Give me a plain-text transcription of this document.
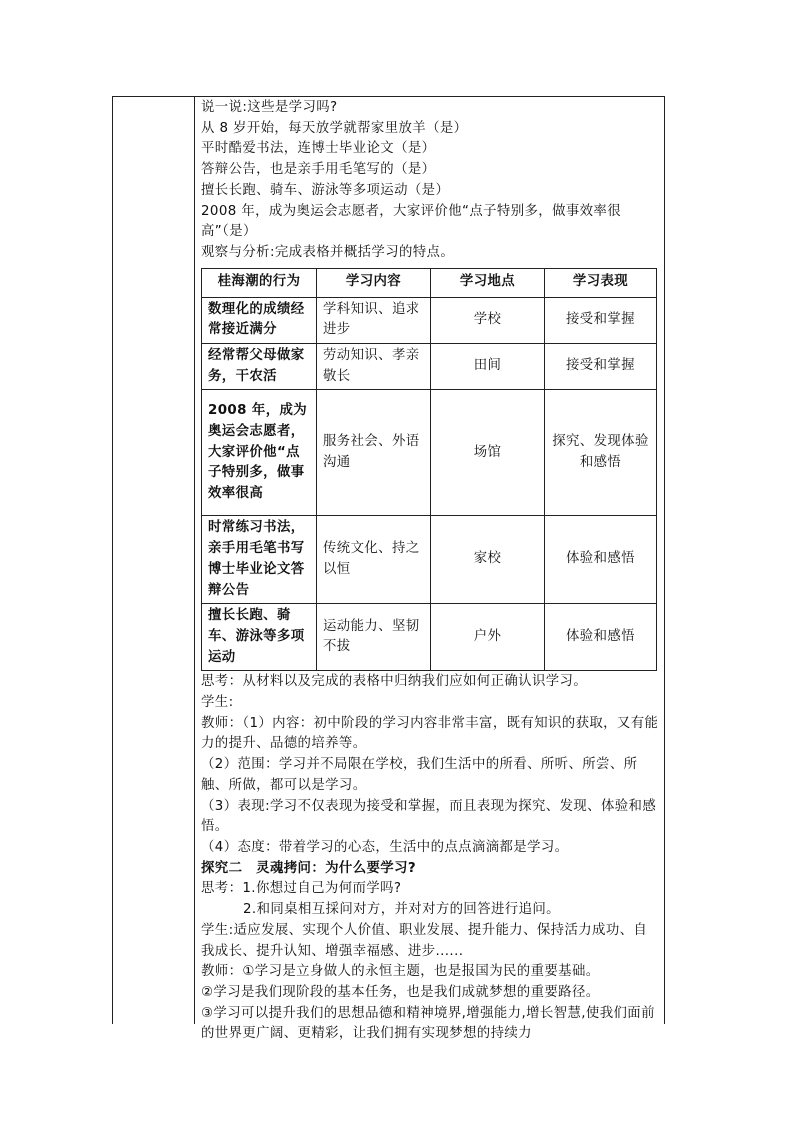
说一说:这些是学习吗?
从 8 岁开始，每天放学就帮家里放羊（是）
平时酷爱书法，连博士毕业论文（是）
答辩公告，也是亲手用毛笔写的（是）
擅长长跑、骑车、游泳等多项运动（是）
2008 年，成为奥运会志愿者，大家评价他“点子特别多，做事效率很高”（是）
观察与分析:完成表格并概括学习的特点。
桂海潮的行为	学习内容	学习地点	学习表现
数理化的成绩经常接近满分	学科知识、追求进步	学校	接受和掌握
经常帮父母做家务，干农活	劳动知识、孝亲敬长	田间	接受和掌握
2008 年，成为奥运会志愿者，大家评价他“点子特别多，做事效率很高	服务社会、外语沟通	场馆	探究、发现体验和感悟
时常练习书法，亲手用毛笔书写博士毕业论文答辩公告	传统文化、持之以恒	家校	体验和感悟
擅长长跑、骑车、游泳等多项运动	运动能力、坚韧不拔	户外	体验和感悟
思考：从材料以及完成的表格中归纳我们应如何正确认识学习。
学生:
教师：（1）内容：初中阶段的学习内容非常丰富，既有知识的获取，又有能力的提升、品德的培养等。
（2）范围：学习并不局限在学校，我们生活中的所看、所听、所尝、所触、所做，都可以是学习。
（3）表现:学习不仅表现为接受和掌握，而且表现为探究、发现、体验和感悟。
（4）态度：带着学习的心态，生活中的点点滴滴都是学习。
探究二　灵魂拷问：为什么要学习?
思考：1.你想过自己为何而学吗?
2.和同桌相互採问对方，并对对方的回答进行追问。
学生:适应发展、实现个人价值、职业发展、提升能力、保持活力成功、自我成长、提升认知、增强幸福感、进步......
教师：①学习是立身做人的永恒主题，也是报国为民的重要基础。
②学习是我们现阶段的基本任务，也是我们成就梦想的重要路径。
③学习可以提升我们的思想品德和精神境界,增强能力,增长智慧,使我们面前的世界更广阔、更精彩，让我们拥有实现梦想的持续力
